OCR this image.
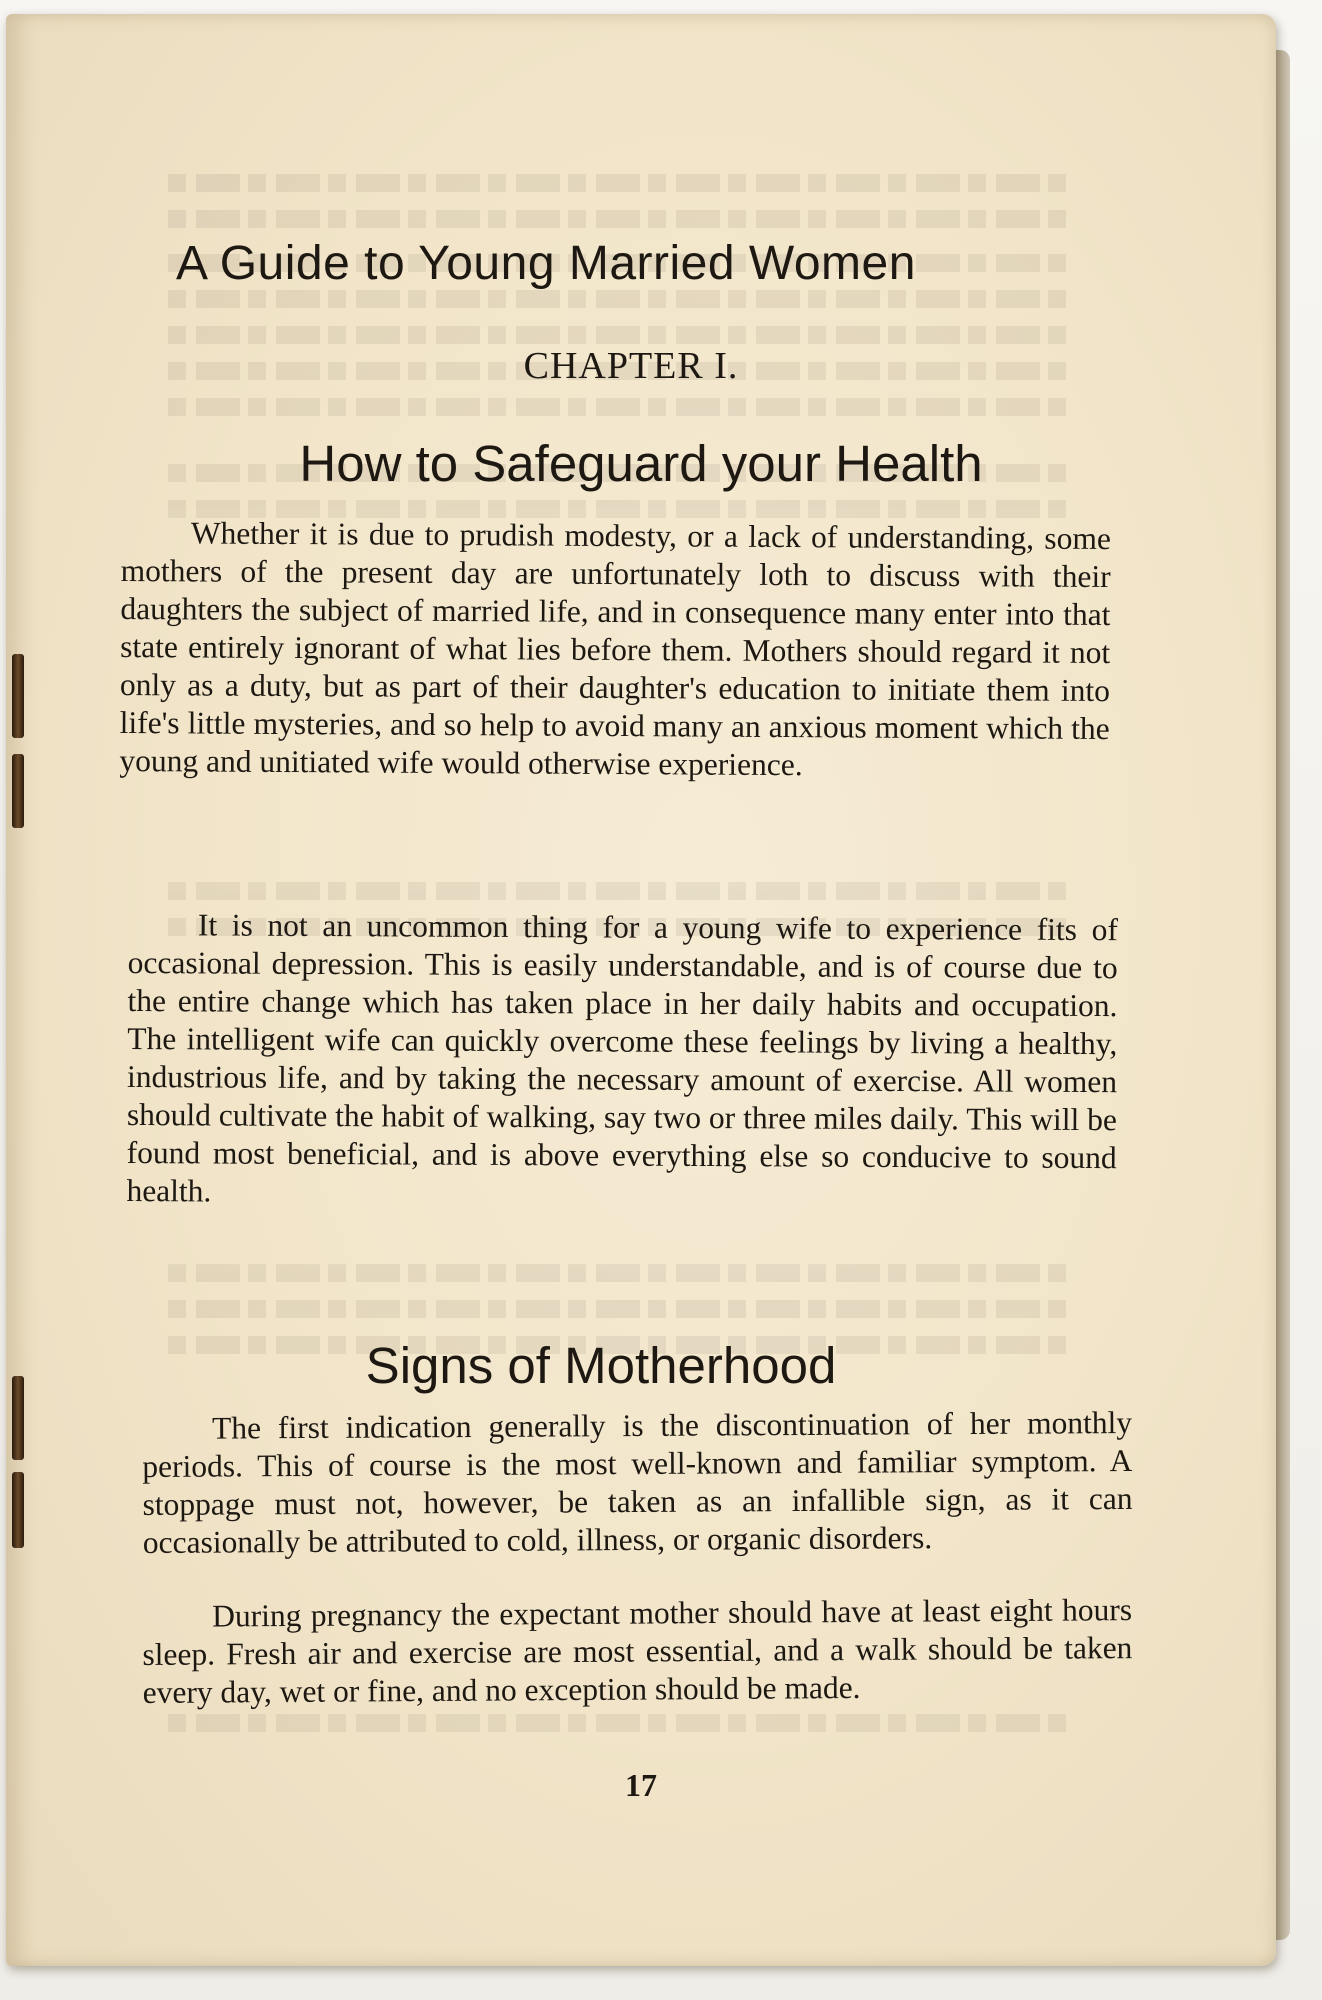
A Guide to Young Married Women
CHAPTER I.
How to Safeguard your Health

Whether it is due to prudish modesty, or a lack of understanding, some mothers of the present day are unfortunately loth to discuss with their daughters the subject of married life, and in consequence many enter into that state entirely ignorant of what lies before them. Mothers should regard it not only as a duty, but as part of their daughter's education to initiate them into life's little mysteries, and so help to avoid many an anxious moment which the young and unitiated wife would otherwise experience.

It is not an uncommon thing for a young wife to experience fits of occasional depression. This is easily understandable, and is of course due to the entire change which has taken place in her daily habits and occupation. The intelligent wife can quickly overcome these feelings by living a healthy, industrious life, and by taking the necessary amount of exercise. All women should cultivate the habit of walking, say two or three miles daily. This will be found most beneficial, and is above everything else so conducive to sound health.

Signs of Motherhood

The first indication generally is the discontinuation of her monthly periods. This of course is the most well-known and familiar symptom. A stoppage must not, however, be taken as an infallible sign, as it can occasionally be attributed to cold, illness, or organic disorders.

During pregnancy the expectant mother should have at least eight hours sleep. Fresh air and exercise are most essential, and a walk should be taken every day, wet or fine, and no exception should be made.

17
